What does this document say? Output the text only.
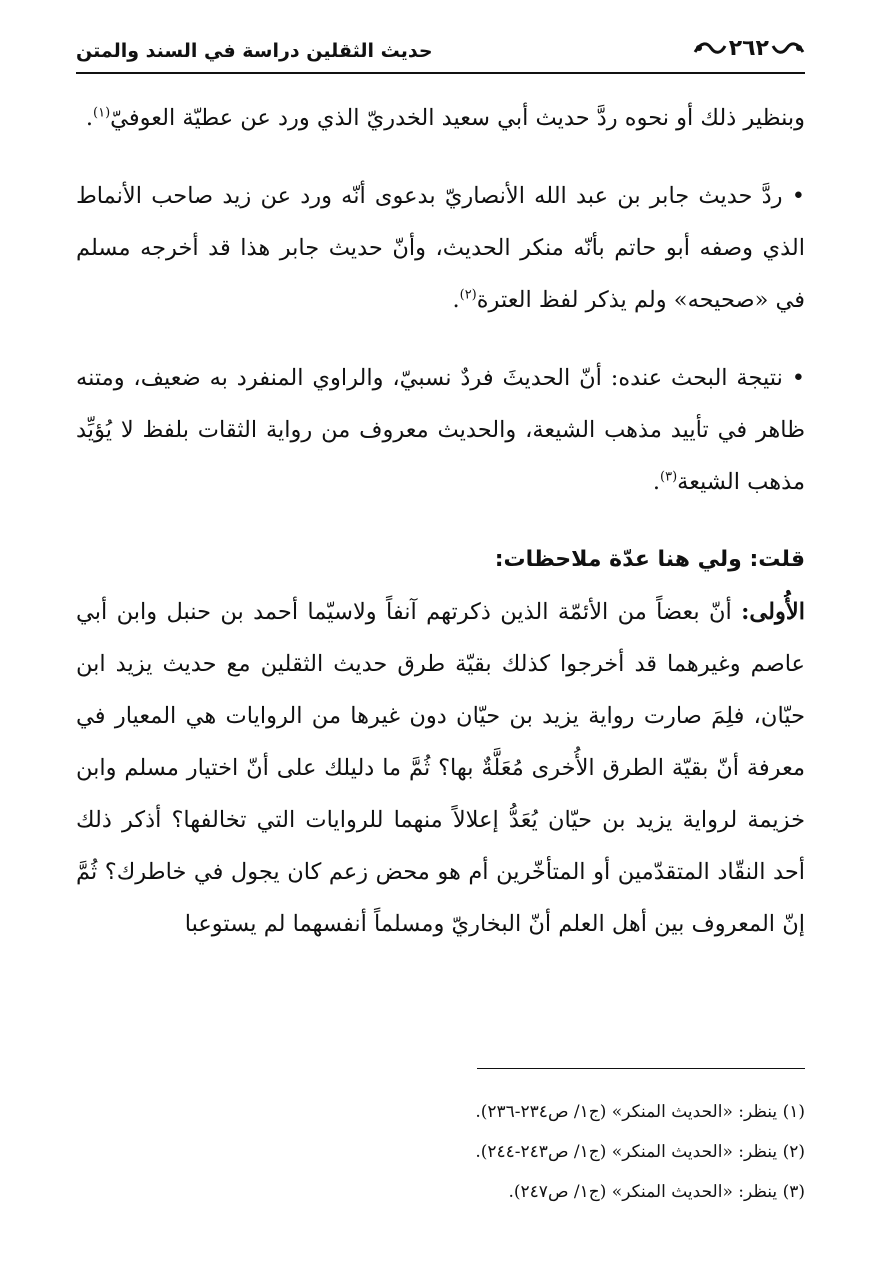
٢٦٢
حديث الثقلين دراسة في السند والمتن

وبنظير ذلك أو نحوه ردَّ حديث أبي سعيد الخدريّ الذي ورد عن عطيّة العوفيّ$^{(١)}$.

• ردَّ حديث جابر بن عبد الله الأنصاريّ بدعوى أنّه ورد عن زيد صاحب الأنماط الذي وصفه أبو حاتم بأنّه منكر الحديث، وأنّ حديث جابر هذا قد أخرجه مسلم في «صحيحه» ولم يذكر لفظ العترة$^{(٢)}$.

• نتيجة البحث عنده: أنّ الحديثَ فردٌ نسبيّ، والراوي المنفرد به ضعيف، ومتنه ظاهر في تأييد مذهب الشيعة، والحديث معروف من رواية الثقات بلفظ لا يُؤيِّد مذهب الشيعة$^{(٣)}$.

قلت: ولي هنا عدّة ملاحظات:

الأُولى: أنّ بعضاً من الأئمّة الذين ذكرتهم آنفاً ولاسيّما أحمد بن حنبل وابن أبي عاصم وغيرهما قد أخرجوا كذلك بقيّة طرق حديث الثقلين مع حديث يزيد ابن حيّان، فلِمَ صارت رواية يزيد بن حيّان دون غيرها من الروايات هي المعيار في معرفة أنّ بقيّة الطرق الأُخرى مُعَلَّةٌ بها؟ ثُمَّ ما دليلك على أنّ اختيار مسلم وابن خزيمة لرواية يزيد بن حيّان يُعَدُّ إعلالاً منهما للروايات التي تخالفها؟ أذكر ذلك أحد النقّاد المتقدّمين أو المتأخّرين أم هو محض زعم كان يجول في خاطرك؟ ثُمَّ إنّ المعروف بين أهل العلم أنّ البخاريّ ومسلماً أنفسهما لم يستوعبا

(١) ينظر: «الحديث المنكر» (ج١/ ص٢٣٤-٢٣٦).
(٢) ينظر: «الحديث المنكر» (ج١/ ص٢٤٣-٢٤٤).
(٣) ينظر: «الحديث المنكر» (ج١/ ص٢٤٧).
